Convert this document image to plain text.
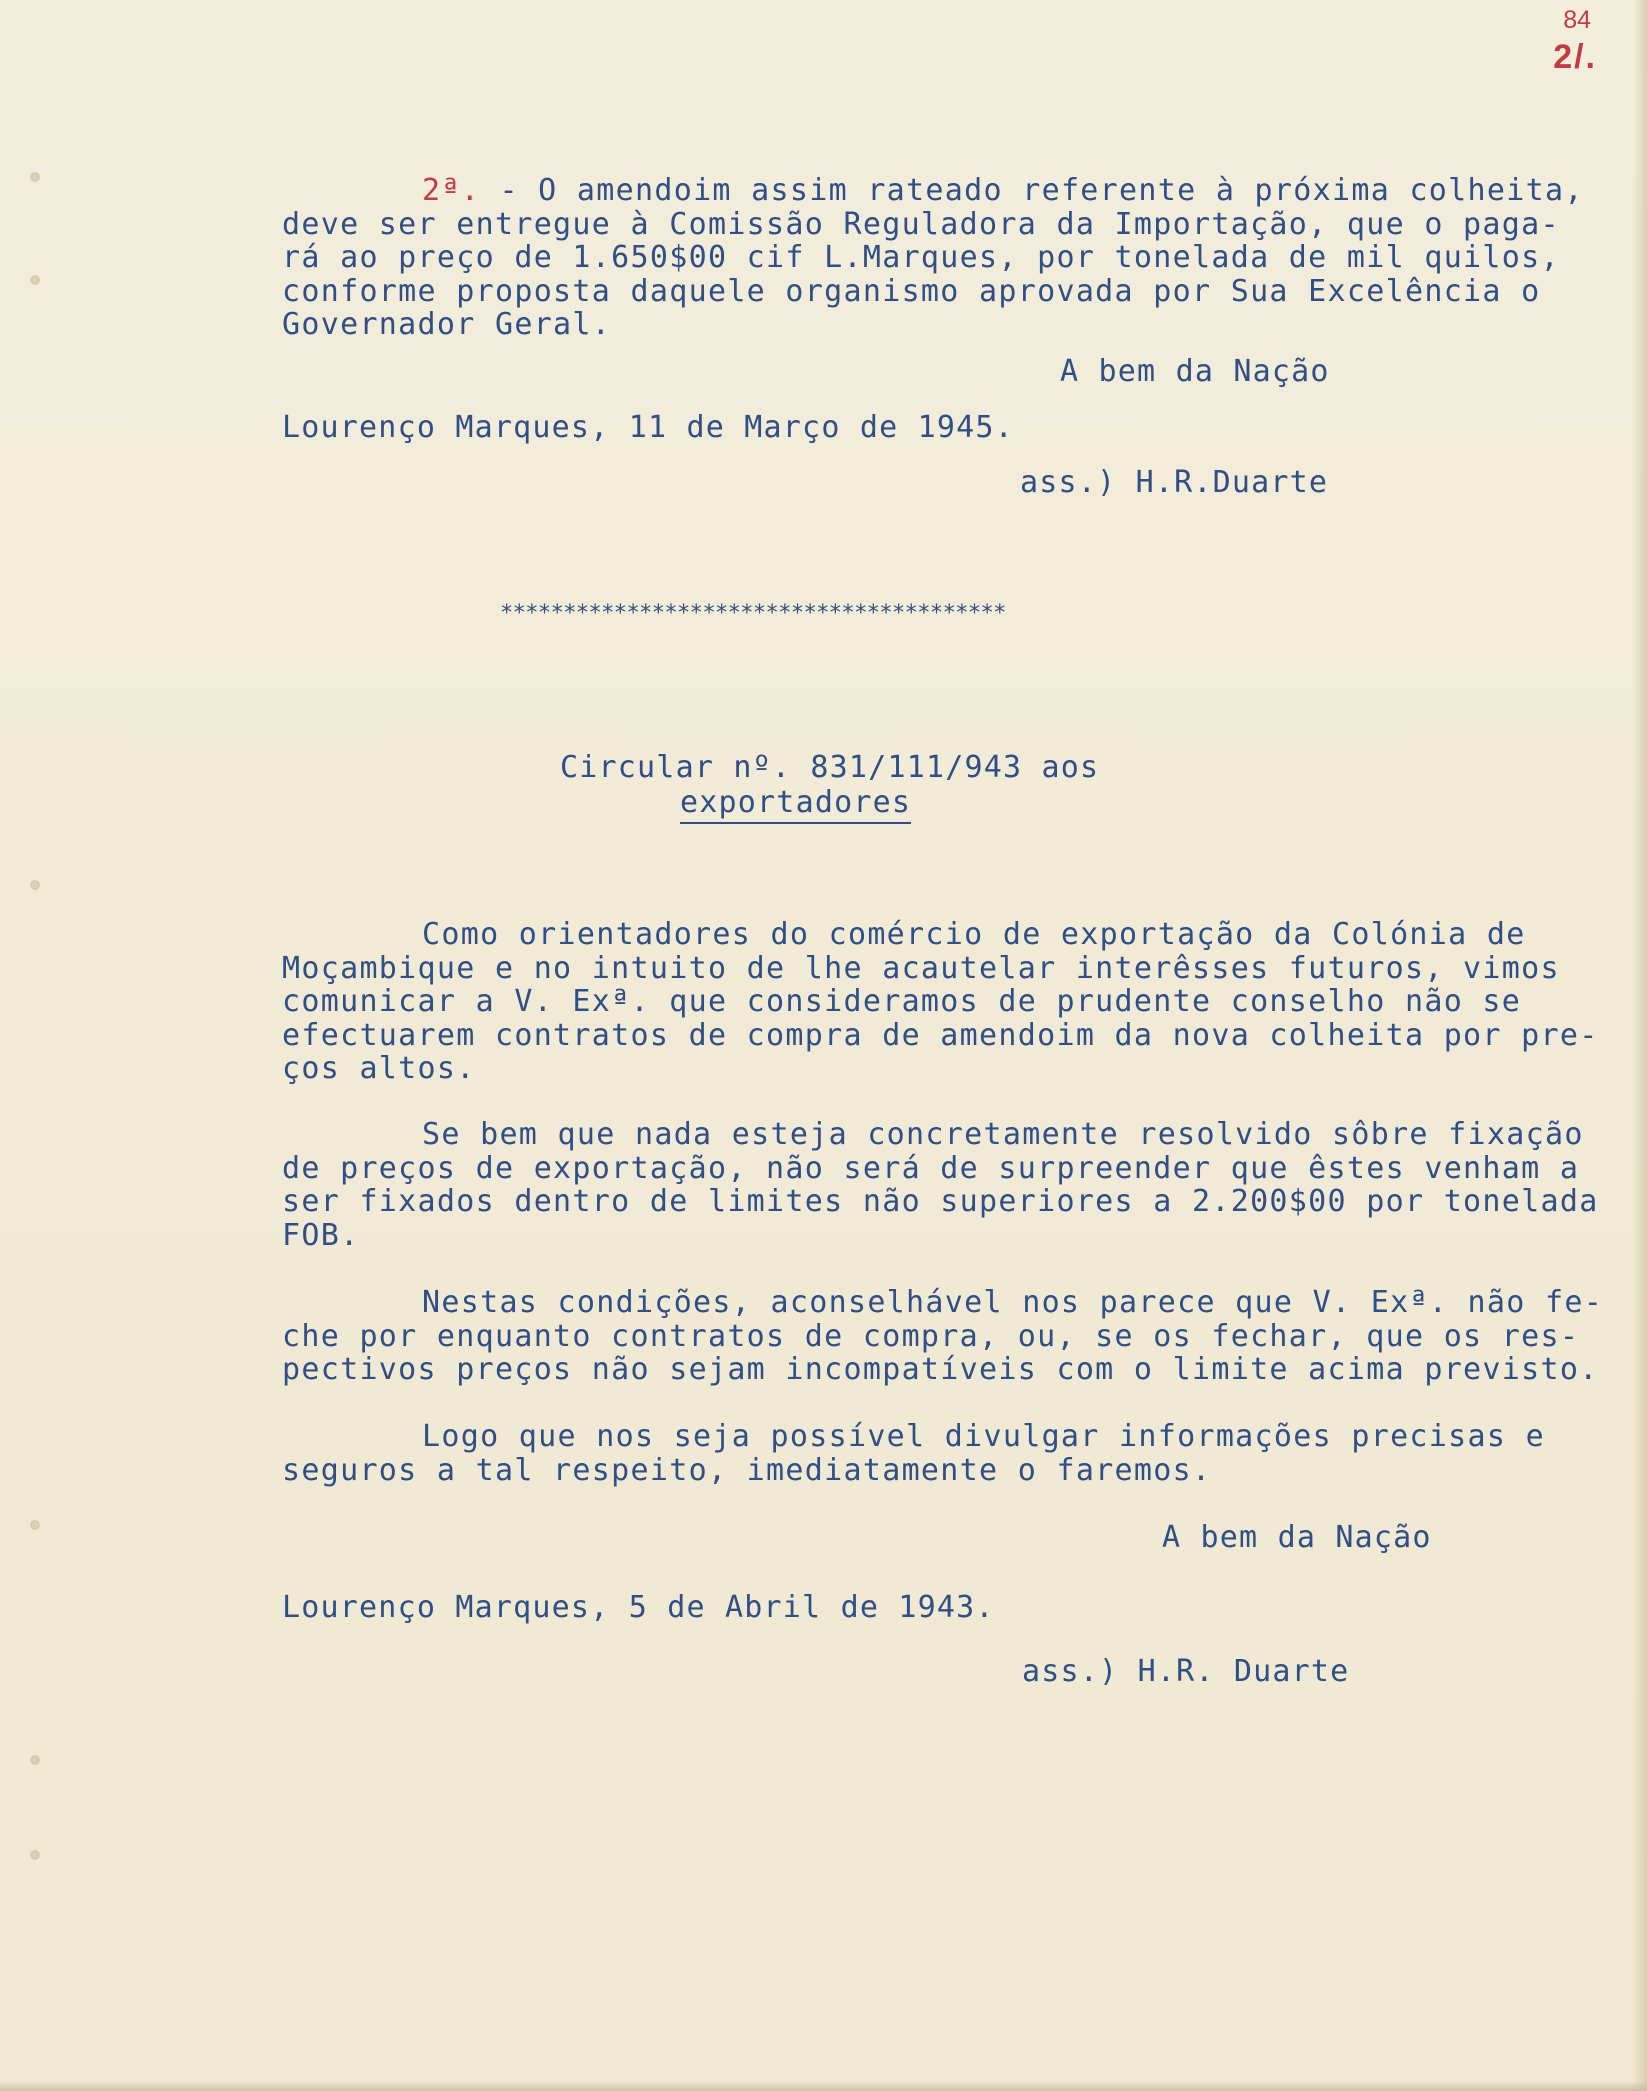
84
2/.
2ª. - O amendoim assim rateado referente à próxima colheita,
deve ser entregue à Comissão Reguladora da Importação, que o paga-
rá ao preço de 1.650$00 cif L.Marques, por tonelada de mil quilos,
conforme proposta daquele organismo aprovada por Sua Excelência o
Governador Geral.
A bem da Nação
Lourenço Marques, 11 de Março de 1945.
ass.) H.R.Duarte
****************************************
Circular nº. 831/111/943 aos
exportadores
Como orientadores do comércio de exportação da Colónia de
Moçambique e no intuito de lhe acautelar interêsses futuros, vimos
comunicar a V. Exª. que consideramos de prudente conselho não se
efectuarem contratos de compra de amendoim da nova colheita por pre-
ços altos.
Se bem que nada esteja concretamente resolvido sôbre fixação
de preços de exportação, não será de surpreender que êstes venham a
ser fixados dentro de limites não superiores a 2.200$00 por tonelada
FOB.
Nestas condições, aconselhável nos parece que V. Exª. não fe-
che por enquanto contratos de compra, ou, se os fechar, que os res-
pectivos preços não sejam incompatíveis com o limite acima previsto.
Logo que nos seja possível divulgar informações precisas e
seguros a tal respeito, imediatamente o faremos.
A bem da Nação
Lourenço Marques, 5 de Abril de 1943.
ass.) H.R. Duarte
